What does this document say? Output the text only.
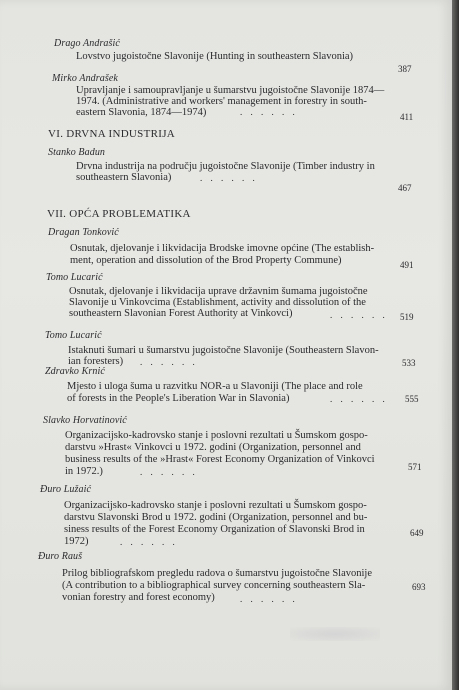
Drago Andrašić
Lovstvo jugoistočne Slavonije (Hunting in southeastern Slavonia)
387
Mirko Andrašek
Upravljanje i samoupravljanje u šumarstvu jugoistočne Slavonije 1874—
1974. (Administrative and workers' management in forestry in south-
eastern Slavonia, 1874—1974)	. . . . . .	411
VI. DRVNA INDUSTRIJA
Stanko Badun
Drvna industrija na području jugoistočne Slavonije (Timber industry in
southeastern Slavonia)	. . . . . .
467
VII. OPĆA PROBLEMATIKA
Dragan Tonković
Osnutak, djelovanje i likvidacija Brodske imovne općine (The establish-
ment, operation and dissolution of the Brod Property Commune)	491
Tomo Lucarić
Osnutak, djelovanje i likvidacija uprave državnim šumama jugoistočne
Slavonije u Vinkovcima (Establishment, activity and dissolution of the
southeastern Slavonian Forest Authority at Vinkovci)	. . . . . . 519
Tomo Lucarić
Istaknuti šumari u šumarstvu jugoistočne Slavonije (Southeastern Slavon-
ian foresters) . . . . . .	533
Zdravko Krnić
Mjesto i uloga šuma u razvitku NOR-a u Slavoniji (The place and role
of forests in the People's Liberation War in Slavonia)	. . . . . . 555
Slavko Horvatinović
Organizacijsko-kadrovsko stanje i poslovni rezultati u Šumskom gospo-
darstvu »Hrast« Vinkovci u 1972. godini (Organization, personnel and
business results of the »Hrast« Forest Economy Organization of Vinkovci
in 1972.)	. . . . . .	571
Đuro Lužaić
Organizacijsko-kadrovsko stanje i poslovni rezultati u Šumskom gospo-
darstvu Slavonski Brod u 1972. godini (Organization, personnel and bu-
siness results of the Forest Economy Organization of Slavonski Brod in
1972)	. . . . . .
649
Đuro Rauš
Prilog bibliografskom pregledu radova o šumarstvu jugoistočne Slavonije
(A contribution to a bibliographical survey concerning southeastern Sla-
vonian forestry and forest economy)	. . . . . .
693
